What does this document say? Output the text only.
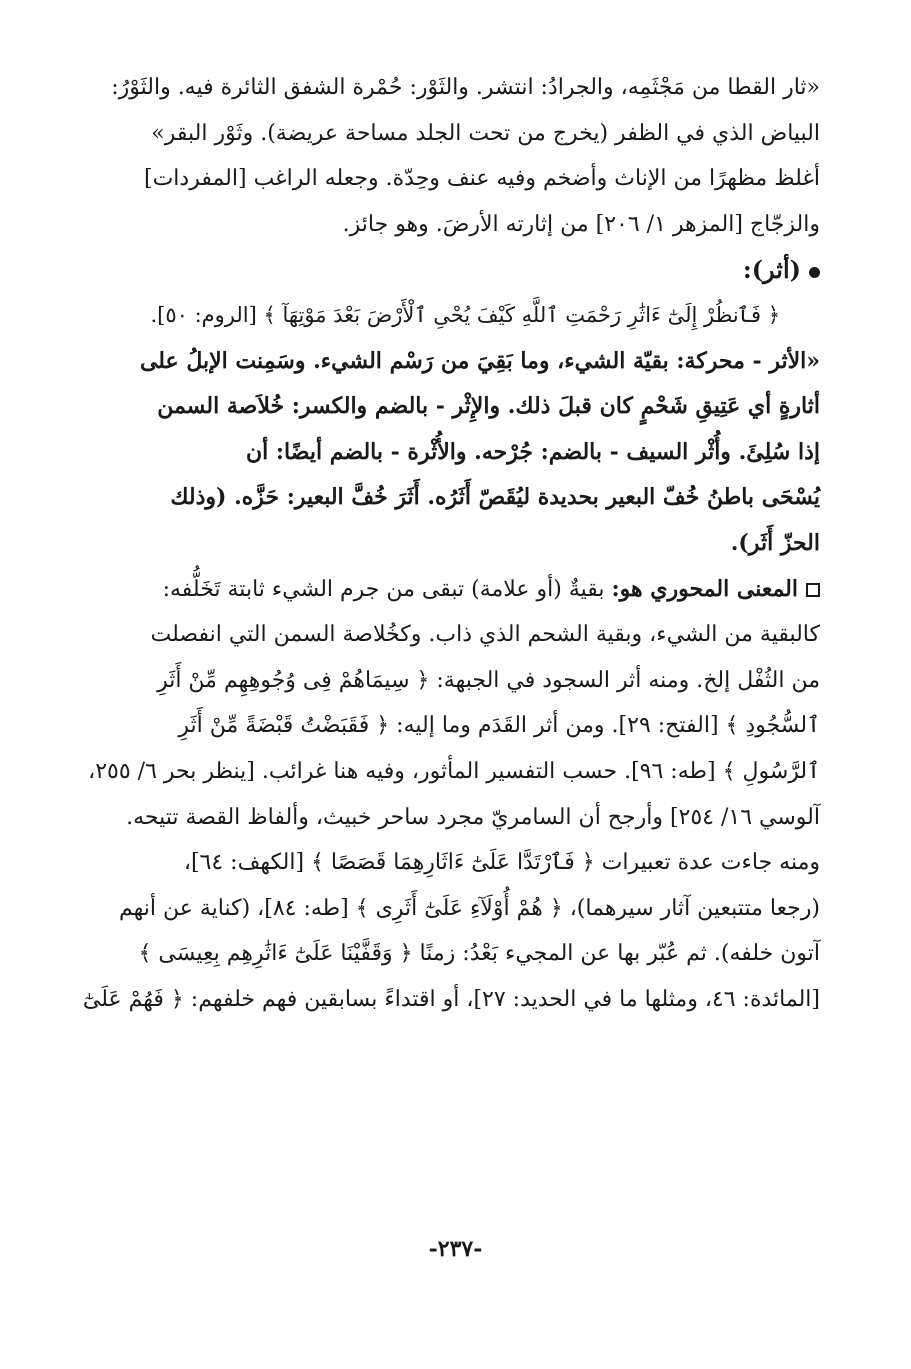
«ثار القطا من مَجْثَمِه، والجرادُ: انتشر. والثَوْر: حُمْرة الشفق الثائرة فيه. والثَوْرُ:
البياض الذي في الظفر (يخرج من تحت الجلد مساحة عريضة). وثَوْر البقر»
أغلظ مظهرًا من الإناث وأضخم وفيه عنف وحِدّة. وجعله الراغب [المفردات]
والزجّاج [المزهر ١/ ٢٠٦] من إثارته الأرضَ. وهو جائز.
(أثر):
﴿ فَٱنظُرْ إِلَىٰٓ ءَاثَٰرِ رَحْمَتِ ٱللَّهِ كَيْفَ يُحْىِ ٱلْأَرْضَ بَعْدَ مَوْتِهَآ ﴾ [الروم: ٥٠].
«الأثر - محركة: بقيّة الشيء، وما بَقِيَ من رَسْم الشيء. وسَمِنت الإبلُ على
أثارةٍ أي عَتِيقِ شَحْمٍ كان قبلَ ذلك. والإِثْر - بالضم والكسر: خُلاَصة السمن
إذا سُلِئَ. وأُثْر السيف - بالضم: جُرْحه. والأُثْرة - بالضم أيضًا: أن
يُسْحَى باطنُ خُفّ البعير بحديدة ليُقَصّ أَثَرُه. أَثَرَ خُفَّ البعير: حَزَّه. (وذلك
الحزّ أَثَر).
المعنى المحوري هو: بقيةٌ (أو علامة) تبقى من جرم الشيء ثابتة تَخَلُّفه:
كالبقية من الشيء، وبقية الشحم الذي ذاب. وكخُلاصة السمن التي انفصلت
من الثُفْل إلخ. ومنه أثر السجود في الجبهة: ﴿ سِيمَاهُمْ فِى وُجُوهِهِم مِّنْ أَثَرِ
ٱلسُّجُودِ ﴾ [الفتح: ٢٩]. ومن أثر القَدَم وما إليه: ﴿ فَقَبَضْتُ قَبْضَةً مِّنْ أَثَرِ
ٱلرَّسُولِ ﴾ [طه: ٩٦]. حسب التفسير المأثور، وفيه هنا غرائب. [ينظر بحر ٦/ ٢٥٥،
آلوسي ١٦/ ٢٥٤] وأرجح أن السامريّ مجرد ساحر خبيث، وألفاظ القصة تتيحه.
ومنه جاءت عدة تعبيرات ﴿ فَٱرْتَدَّا عَلَىٰٓ ءَاثَارِهِمَا قَصَصًا ﴾ [الكهف: ٦٤]،
(رجعا متتبعين آثار سيرهما)، ﴿ هُمْ أُوْلَآءِ عَلَىٰٓ أَثَرِى ﴾ [طه: ٨٤]، (كناية عن أنهم
آتون خلفه). ثم عُبّر بها عن المجيء بَعْدُ: زمنًا ﴿ وَقَفَّيْنَا عَلَىٰٓ ءَاثَٰرِهِم بِعِيسَى ﴾
[المائدة: ٤٦، ومثلها ما في الحديد: ٢٧]، أو اقتداءً بسابقين فهم خلفهم: ﴿ فَهُمْ عَلَىٰٓ
-٢٣٧-
